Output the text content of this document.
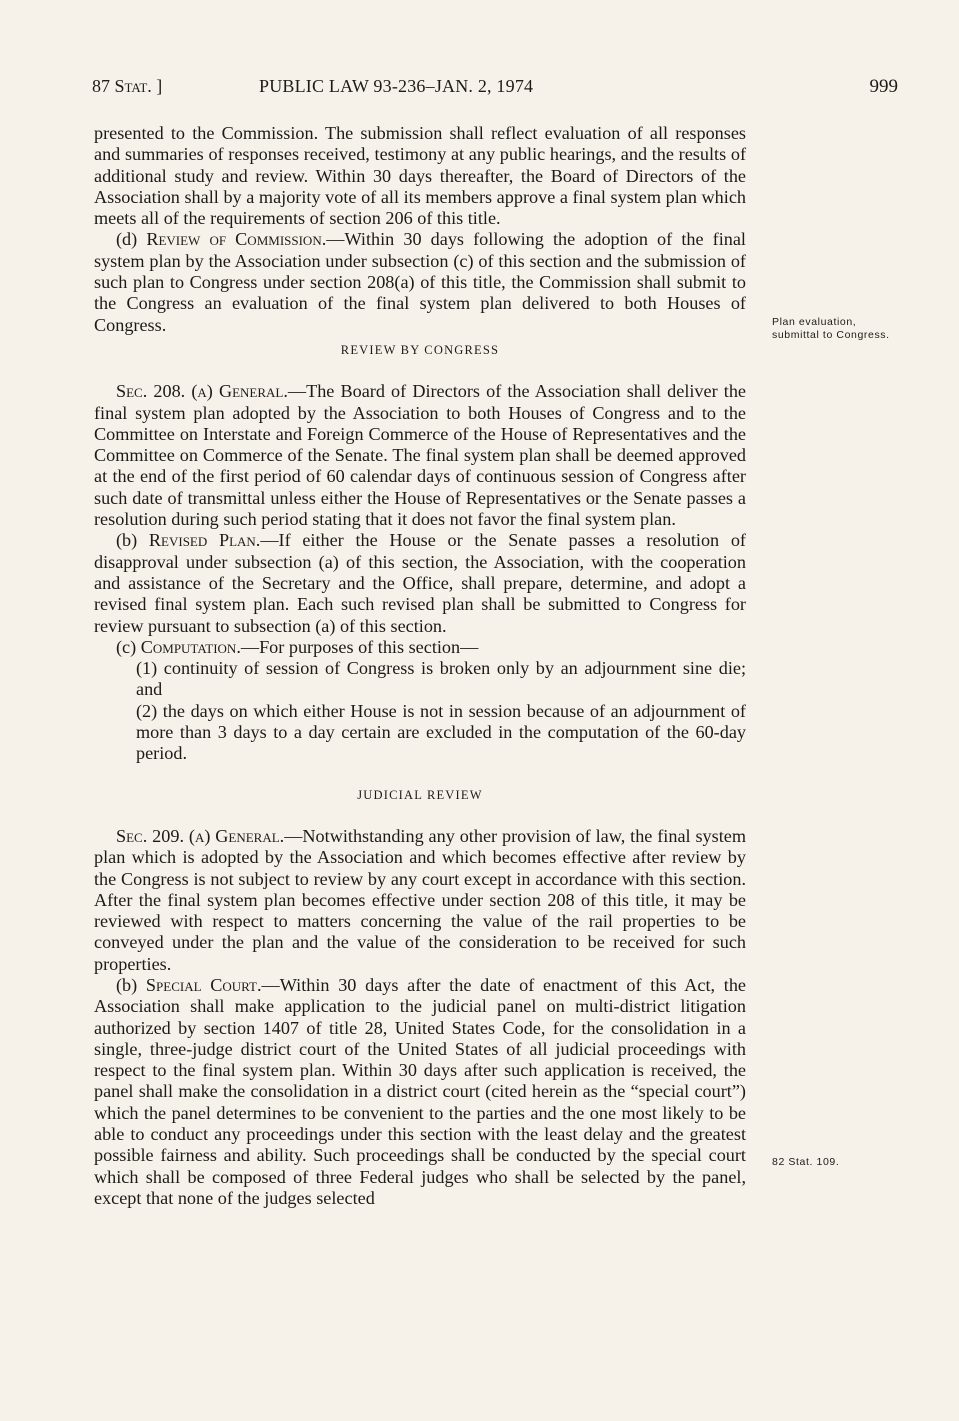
87 Stat. ]	PUBLIC LAW 93-236–JAN. 2, 1974	999

presented to the Commission. The submission shall reflect evaluation of all responses and summaries of responses received, testimony at any public hearings, and the results of additional study and review. Within 30 days thereafter, the Board of Directors of the Association shall by a majority vote of all its members approve a final system plan which meets all of the requirements of section 206 of this title.

(d) Review of Commission.—Within 30 days following the adoption of the final system plan by the Association under subsection (c) of this section and the submission of such plan to Congress under section 208(a) of this title, the Commission shall submit to the Congress an evaluation of the final system plan delivered to both Houses of Congress.

REVIEW BY CONGRESS

Sec. 208. (a) General.—The Board of Directors of the Association shall deliver the final system plan adopted by the Association to both Houses of Congress and to the Committee on Interstate and Foreign Commerce of the House of Representatives and the Committee on Commerce of the Senate. The final system plan shall be deemed approved at the end of the first period of 60 calendar days of continuous session of Congress after such date of transmittal unless either the House of Representatives or the Senate passes a resolution during such period stating that it does not favor the final system plan.

(b) Revised Plan.—If either the House or the Senate passes a resolution of disapproval under subsection (a) of this section, the Association, with the cooperation and assistance of the Secretary and the Office, shall prepare, determine, and adopt a revised final system plan. Each such revised plan shall be submitted to Congress for review pursuant to subsection (a) of this section.

(c) Computation.—For purposes of this section—

(1) continuity of session of Congress is broken only by an adjournment sine die; and

(2) the days on which either House is not in session because of an adjournment of more than 3 days to a day certain are excluded in the computation of the 60-day period.

JUDICIAL REVIEW

Sec. 209. (a) General.—Notwithstanding any other provision of law, the final system plan which is adopted by the Association and which becomes effective after review by the Congress is not subject to review by any court except in accordance with this section. After the final system plan becomes effective under section 208 of this title, it may be reviewed with respect to matters concerning the value of the rail properties to be conveyed under the plan and the value of the consideration to be received for such properties.

(b) Special Court.—Within 30 days after the date of enactment of this Act, the Association shall make application to the judicial panel on multi-district litigation authorized by section 1407 of title 28, United States Code, for the consolidation in a single, three-judge district court of the United States of all judicial proceedings with respect to the final system plan. Within 30 days after such application is received, the panel shall make the consolidation in a district court (cited herein as the “special court”) which the panel determines to be convenient to the parties and the one most likely to be able to conduct any proceedings under this section with the least delay and the greatest possible fairness and ability. Such proceedings shall be conducted by the special court which shall be composed of three Federal judges who shall be selected by the panel, except that none of the judges selected

Plan evaluation, submittal to Congress.
82 Stat. 109.
